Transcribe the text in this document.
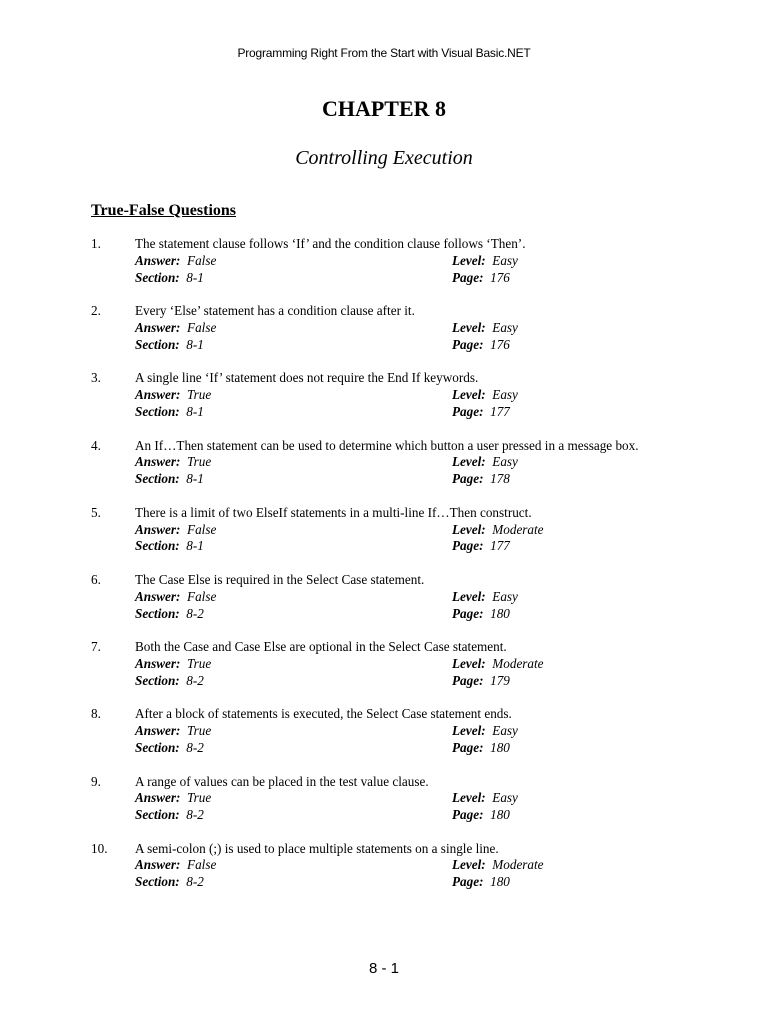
Programming Right From the Start with Visual Basic.NET
CHAPTER 8
Controlling Execution
True-False Questions
1.	The statement clause follows ‘If’ and the condition clause follows ‘Then’.
Answer: False	Level: Easy
Section: 8-1	Page: 176
2.	Every ‘Else’ statement has a condition clause after it.
Answer: False	Level: Easy
Section: 8-1	Page: 176
3.	A single line ‘If’ statement does not require the End If keywords.
Answer: True	Level: Easy
Section: 8-1	Page: 177
4.	An If…Then statement can be used to determine which button a user pressed in a message box.
Answer: True	Level: Easy
Section: 8-1	Page: 178
5.	There is a limit of two ElseIf statements in a multi-line If…Then construct.
Answer: False	Level: Moderate
Section: 8-1	Page: 177
6.	The Case Else is required in the Select Case statement.
Answer: False	Level: Easy
Section: 8-2	Page: 180
7.	Both the Case and Case Else are optional in the Select Case statement.
Answer: True	Level: Moderate
Section: 8-2	Page: 179
8.	After a block of statements is executed, the Select Case statement ends.
Answer: True	Level: Easy
Section: 8-2	Page: 180
9.	A range of values can be placed in the test value clause.
Answer: True	Level: Easy
Section: 8-2	Page: 180
10. A semi-colon (;) is used to place multiple statements on a single line.
Answer: False	Level: Moderate
Section: 8-2	Page: 180
8 - 1
